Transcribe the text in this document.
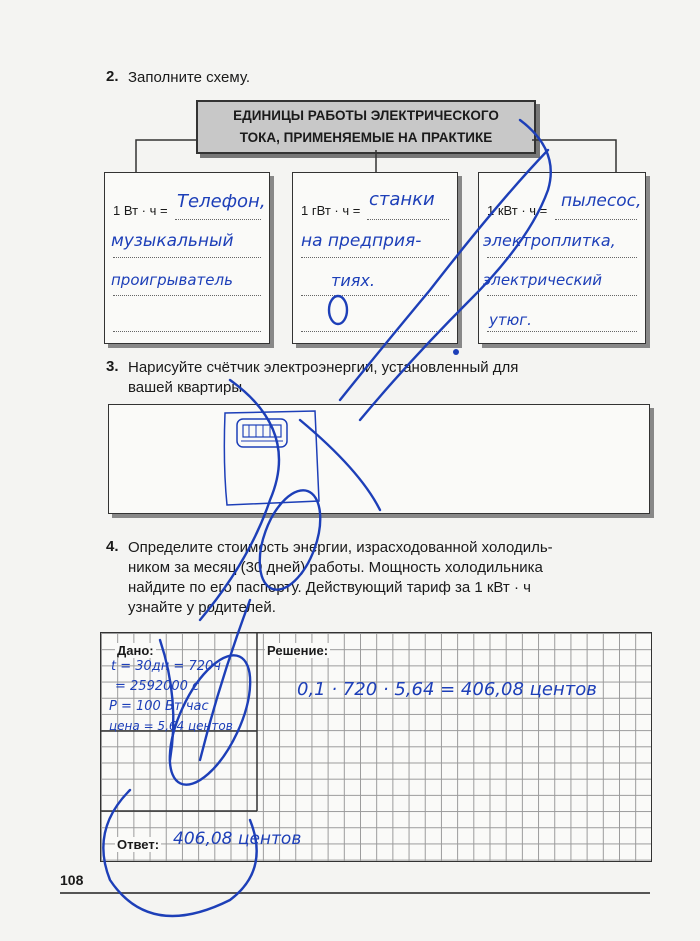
2. Заполните схему.
ЕДИНИЦЫ РАБОТЫ ЭЛЕКТРИЧЕСКОГО
ТОКА, ПРИМЕНЯЕМЫЕ НА ПРАКТИКЕ
1 Вт · ч = Телефон,
музыкальный
проигрыватель
1 гВт · ч =
станки
на предприя-
тиях.
1 кВт · ч = пылесос,
электроплитка,
электрический
утюг.
3. Нарисуйте счётчик электроэнергии, установленный для
вашей квартиры.
4. Определите стоимость энергии, израсходованной холодиль-
ником за месяц (30 дней) работы. Мощность холодильника
найдите по его паспорту. Действующий тариф за 1 кВт · ч
узнайте у родителей.
Дано:	Решение:
Ответ:
t = 30дн = 720ч
= 2592000 с
P = 100 Вт/час
цена = 5,64 центов
0,1 · 720 · 5,64 = 406,08 центов
406,08 центов
108
